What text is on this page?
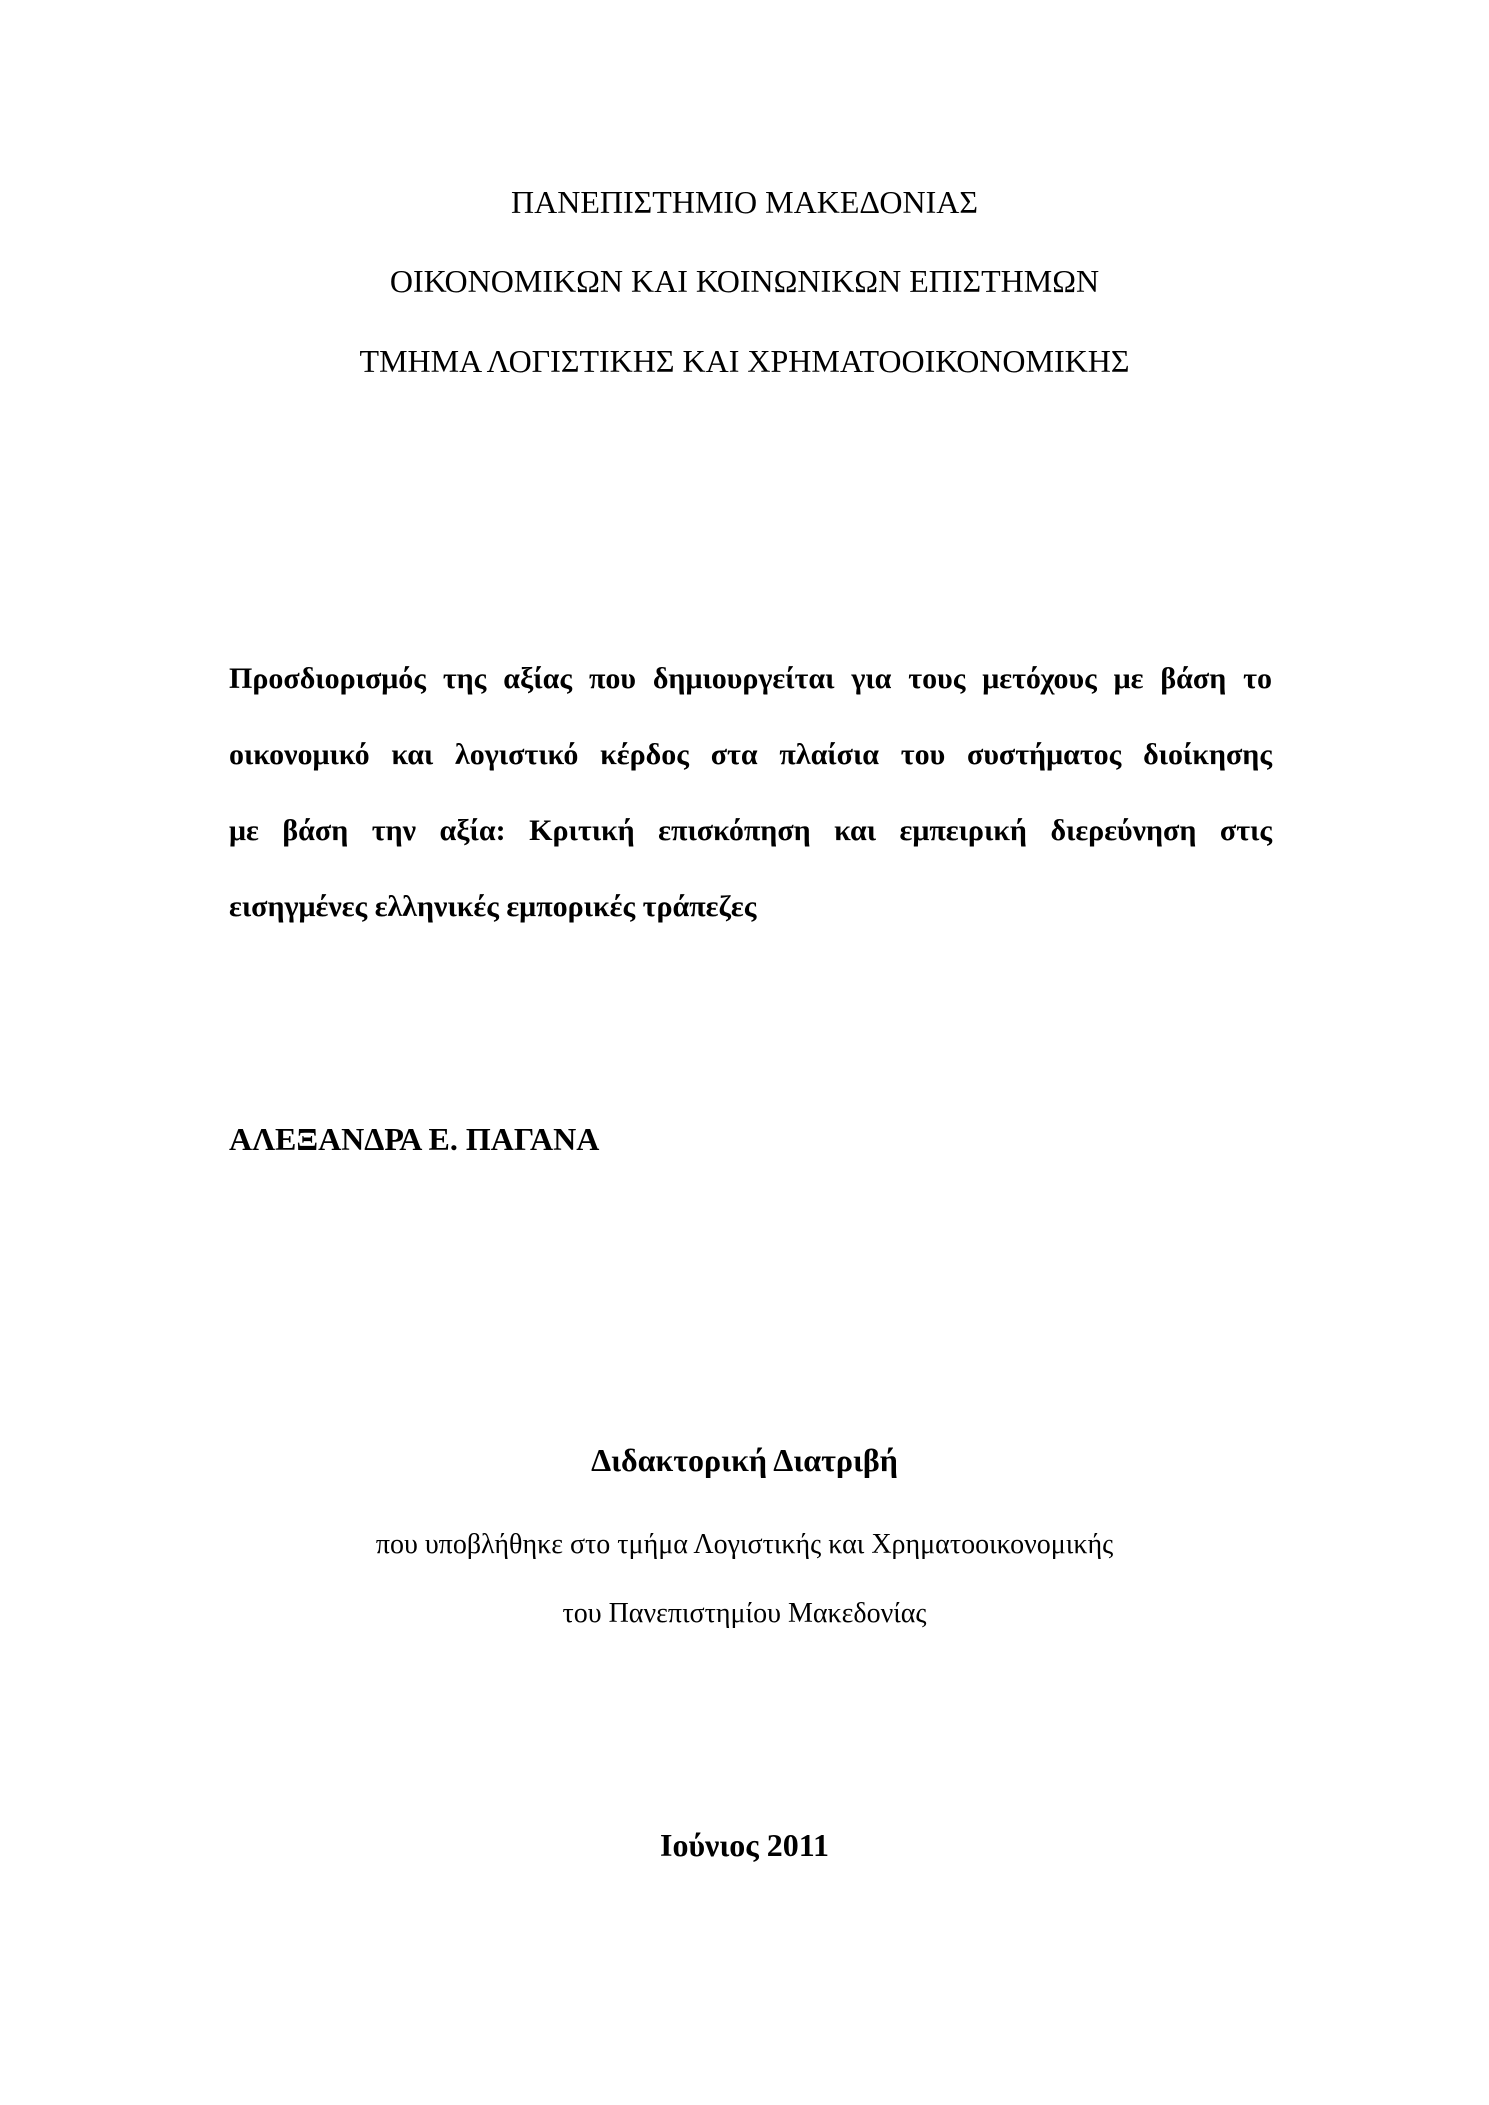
ΠΑΝΕΠΙΣΤΗΜΙΟ ΜΑΚΕΔΟΝΙΑΣ
ΟΙΚΟΝΟΜΙΚΩΝ ΚΑΙ ΚΟΙΝΩΝΙΚΩΝ ΕΠΙΣΤΗΜΩΝ
ΤΜΗΜΑ ΛΟΓΙΣΤΙΚΗΣ ΚΑΙ ΧΡΗΜΑΤΟΟΙΚΟΝΟΜΙΚΗΣ
Προσδιορισμός της αξίας που δημιουργείται για τους μετόχους με βάση το
οικονομικό και λογιστικό κέρδος στα πλαίσια του συστήματος διοίκησης
με βάση την αξία: Κριτική επισκόπηση και εμπειρική διερεύνηση στις
εισηγμένες ελληνικές εμπορικές τράπεζες
ΑΛΕΞΑΝΔΡΑ Ε. ΠΑΓΑΝΑ
Διδακτορική Διατριβή
που υποβλήθηκε στο τμήμα Λογιστικής και Χρηματοοικονομικής
του Πανεπιστημίου Μακεδονίας
Ιούνιος 2011
